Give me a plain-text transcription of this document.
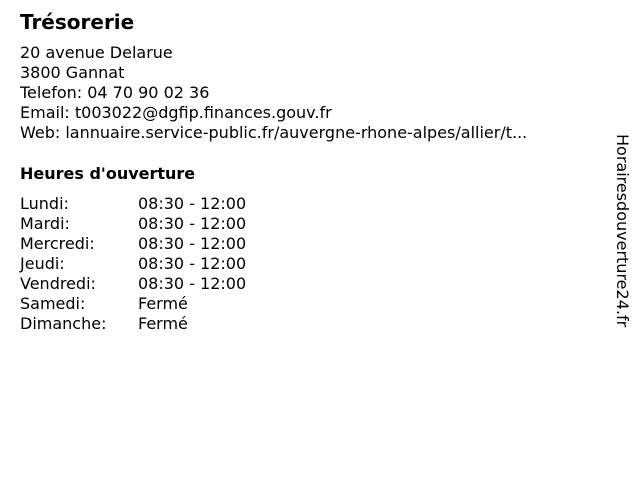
Trésorerie
20 avenue Delarue
3800 Gannat
Telefon: 04 70 90 02 36
Email: t003022@dgfip.finances.gouv.fr
Web: lannuaire.service-public.fr/auvergne-rhone-alpes/allier/t...
Heures d'ouverture
Lundi:	08:30 - 12:00
Mardi:	08:30 - 12:00
Mercredi:	08:30 - 12:00
Jeudi:	08:30 - 12:00
Vendredi:	08:30 - 12:00
Samedi:	Fermé
Dimanche:	Fermé	Horairesdouverture24.fr
